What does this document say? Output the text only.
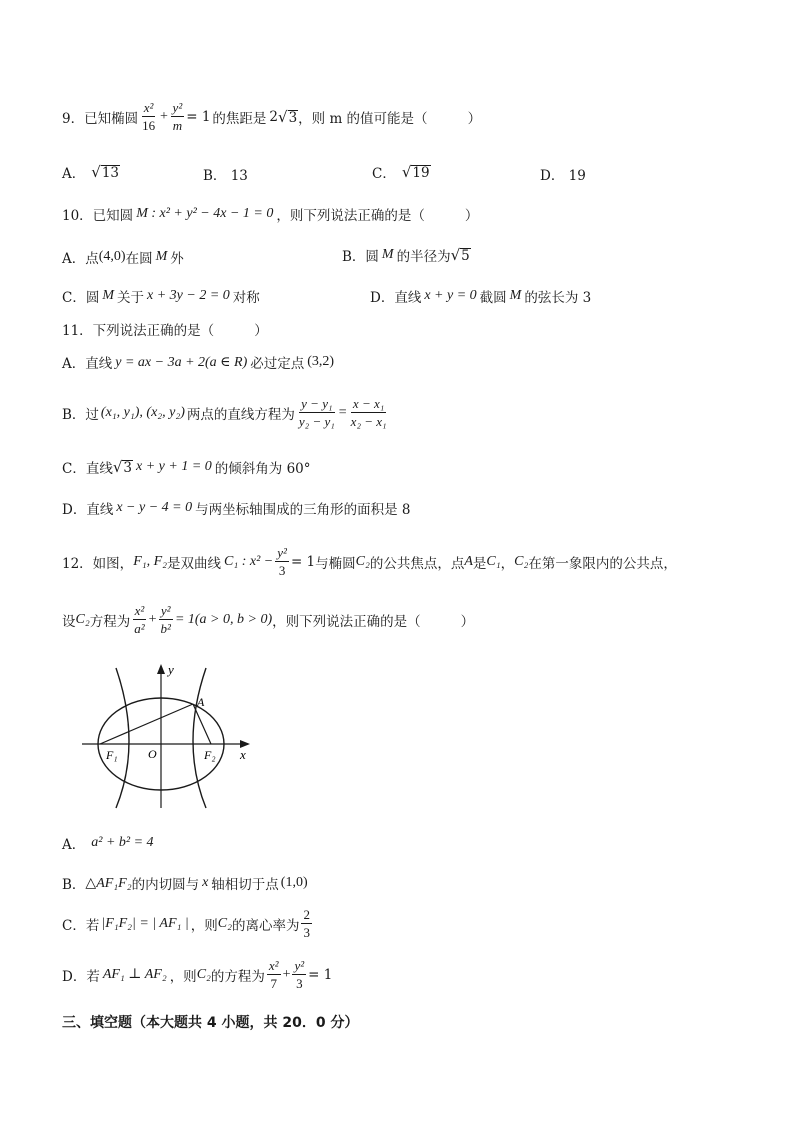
9．已知椭圆 $\frac{\text{x²}}{16} + \frac{\text{y²}}{m} = 1$ 的焦距是 2 √ 3 ，则 m 的值可能是（	）
A． √ 13	B． 13	C． √ 19	D． 19
10．已知圆 M : x² + y² − 4x − 1 = 0 ，则下列说法正确的是（	）
A．点 (4,0) 在圆 M 外	B．圆 M 的半径为 √ 5
C．圆 M 关于 x + 3y − 2 = 0 对称	D．直线 x + y = 0 截圆 M 的弦长为 3
11．下列说法正确的是（	）
A．直线 y = ax − 3a + 2(a ∈ R) 必过定点 (3,2)
B．过 (x₁, y₁), (x₂, y₂) 两点的直线方程为 $\frac{\text{y − y₁}}{\text{y₂ − y₁}} = \frac{\text{x − x₁}}{\text{x₂ − x₁}}$
C．直线 √ 3 x + y + 1 = 0 的倾斜角为 60°
D．直线 x − y − 4 = 0 与两坐标轴围成的三角形的面积是 8
12．如图， F₁, F₂ 是双曲线 C₁ : $x^2 - \frac{\text{y²}}{3} = 1$ 与椭圆 C₂ 的公共焦点，点 A 是 C₁ ， C₂ 在第一象限内的公共点，
设 C₂ 方程为 $\frac{\text{x²}}{\text{a²}} + \frac{\text{y²}}{\text{b²}} = 1(a > 0$, b > 0) ，则下列说法正确的是（	）
y
x
A
O
F₁	F₂
A． a² + b² = 4
B． △AF₁F₂ 的内切圆与 x 轴相切于点 (1,0)
C．若 |F₁F₂| = | AF₁ | ，则 C₂ 的离心率为 $\frac{2}{3}$
D．若 AF₁ ⊥ AF₂ ，则 C₂ 的方程为 $\frac{\text{x²}}{7} + \frac{\text{y²}}{3} = 1$
三、填空题（本大题共 4 小题，共 20．0 分）
